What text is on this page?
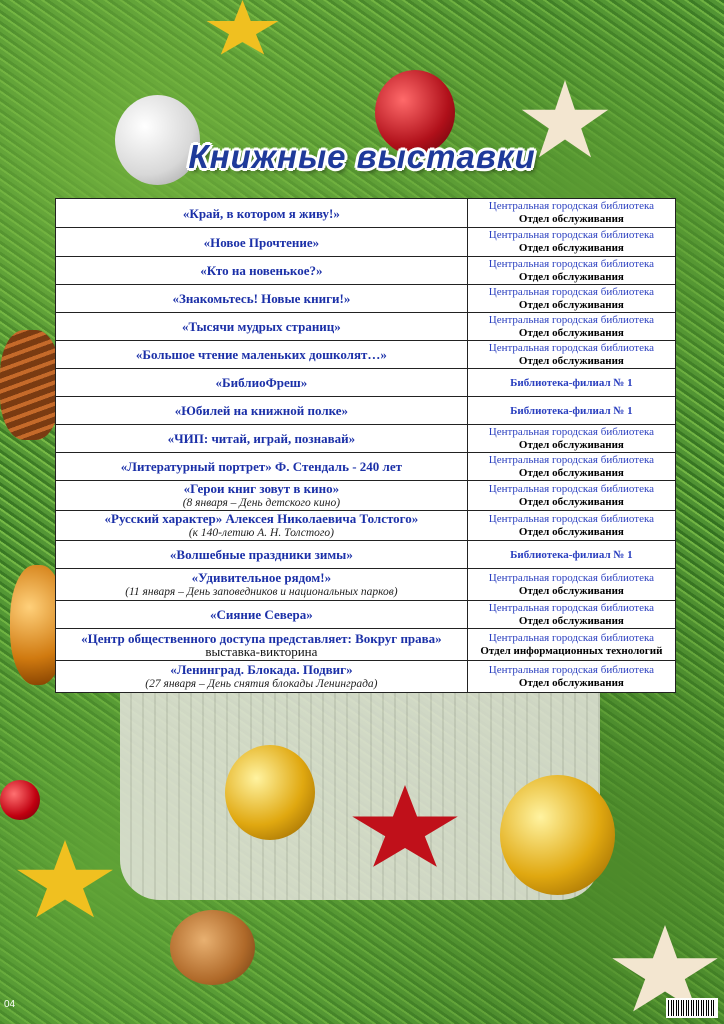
Книжные выставки
«Край, в котором я живу!»	Центральная городская библиотека
Отдел обслуживания

«Новое Прочтение»	Центральная городская библиотека
Отдел обслуживания

«Кто на новенькое?»	Центральная городская библиотека
Отдел обслуживания

«Знакомьтесь! Новые книги!»	Центральная городская библиотека
Отдел обслуживания

«Тысячи мудрых страниц»	Центральная городская библиотека
Отдел обслуживания

«Большое чтение маленьких дошколят…»	Центральная городская библиотека
Отдел обслуживания

«БиблиоФреш»	Библиотека-филиал № 1
«Юбилей на книжной полке»	Библиотека-филиал № 1
«ЧИП: читай, играй, познавай»	Центральная городская библиотека
Отдел обслуживания

«Литературный портрет» Ф. Стендаль - 240 лет	Центральная городская библиотека
Отдел обслуживания

«Герои книг зовут в кино»
(8 января – День детского кино)	Центральная городская библиотека
Отдел обслуживания

«Русский характер» Алексея Николаевича Толстого»
(к 140-летию А. Н. Толстого)	Центральная городская библиотека
Отдел обслуживания

«Волшебные праздники зимы»	Библиотека-филиал № 1
«Удивительное рядом!»
(11 января – День заповедников и национальных парков)	Центральная городская библиотека
Отдел обслуживания

«Сияние Севера»	Центральная городская библиотека
Отдел обслуживания

«Центр общественного доступа представляет: Вокруг права» выставка-викторина	Центральная городская библиотека
Отдел информационных технологий

«Ленинград. Блокада. Подвиг»
(27 января – День снятия блокады Ленинграда)	Центральная городская библиотека
Отдел обслуживания
04
